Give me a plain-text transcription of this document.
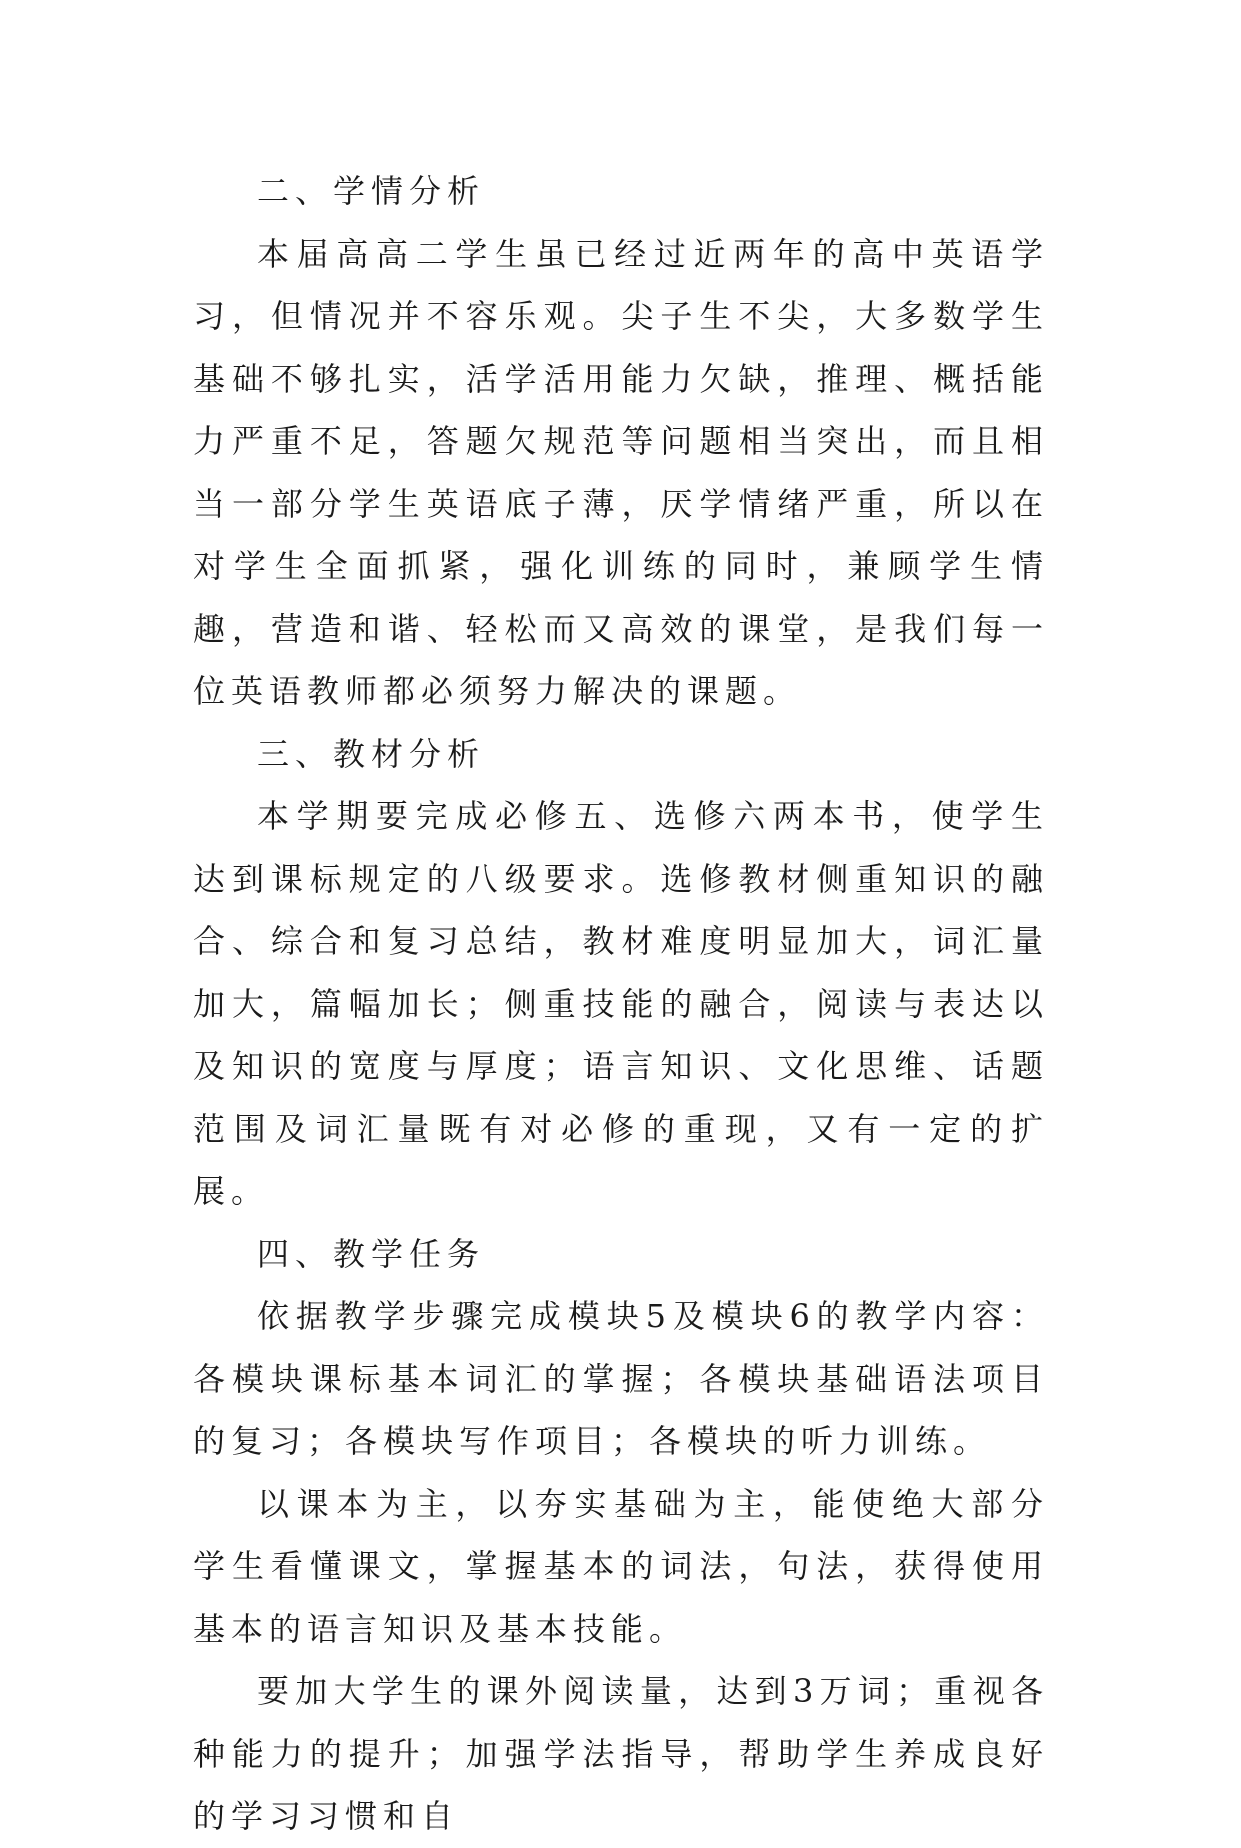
二、学情分析

本届高高二学生虽已经过近两年的高中英语学习，但情况并不容乐观。尖子生不尖，大多数学生基础不够扎实，活学活用能力欠缺，推理、概括能力严重不足，答题欠规范等问题相当突出，而且相当一部分学生英语底子薄，厌学情绪严重，所以在对学生全面抓紧，强化训练的同时，兼顾学生情趣，营造和谐、轻松而又高效的课堂，是我们每一位英语教师都必须努力解决的课题。

三、教材分析

本学期要完成必修五、选修六两本书，使学生达到课标规定的八级要求。选修教材侧重知识的融合、综合和复习总结，教材难度明显加大，词汇量加大，篇幅加长；侧重技能的融合，阅读与表达以及知识的宽度与厚度；语言知识、文化思维、话题范围及词汇量既有对必修的重现，又有一定的扩展。

四、教学任务

依据教学步骤完成模块5及模块6的教学内容：各模块课标基本词汇的掌握；各模块基础语法项目的复习；各模块写作项目；各模块的听力训练。

以课本为主，以夯实基础为主，能使绝大部分学生看懂课文，掌握基本的词法，句法，获得使用基本的语言知识及基本技能。

要加大学生的课外阅读量，达到3万词；重视各种能力的提升；加强学法指导，帮助学生养成良好的学习习惯和自
